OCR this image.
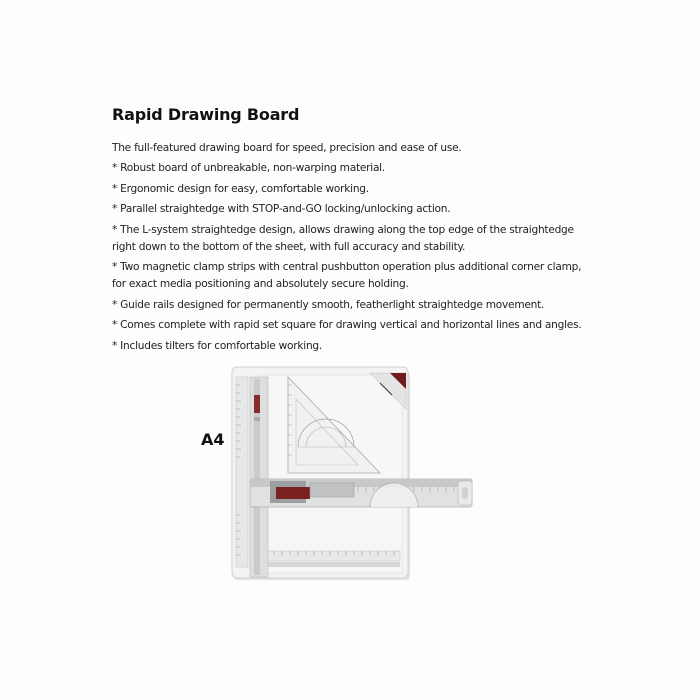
Rapid Drawing Board

The full-featured drawing board for speed, precision and ease of use.

* Robust board of unbreakable, non-warping material.
* Ergonomic design for easy, comfortable working.
* Parallel straightedge with STOP-and-GO locking/unlocking action.
* The L-system straightedge design, allows drawing along the top edge of the straightedge right down to the bottom of the sheet, with full accuracy and stability.
* Two magnetic clamp strips with central pushbutton operation plus additional corner clamp, for exact media positioning and absolutely secure holding.
* Guide rails designed for permanently smooth, featherlight straightedge movement.
* Comes complete with rapid set square for drawing vertical and horizontal lines and angles.
* Includes tilters for comfortable working.
A4
